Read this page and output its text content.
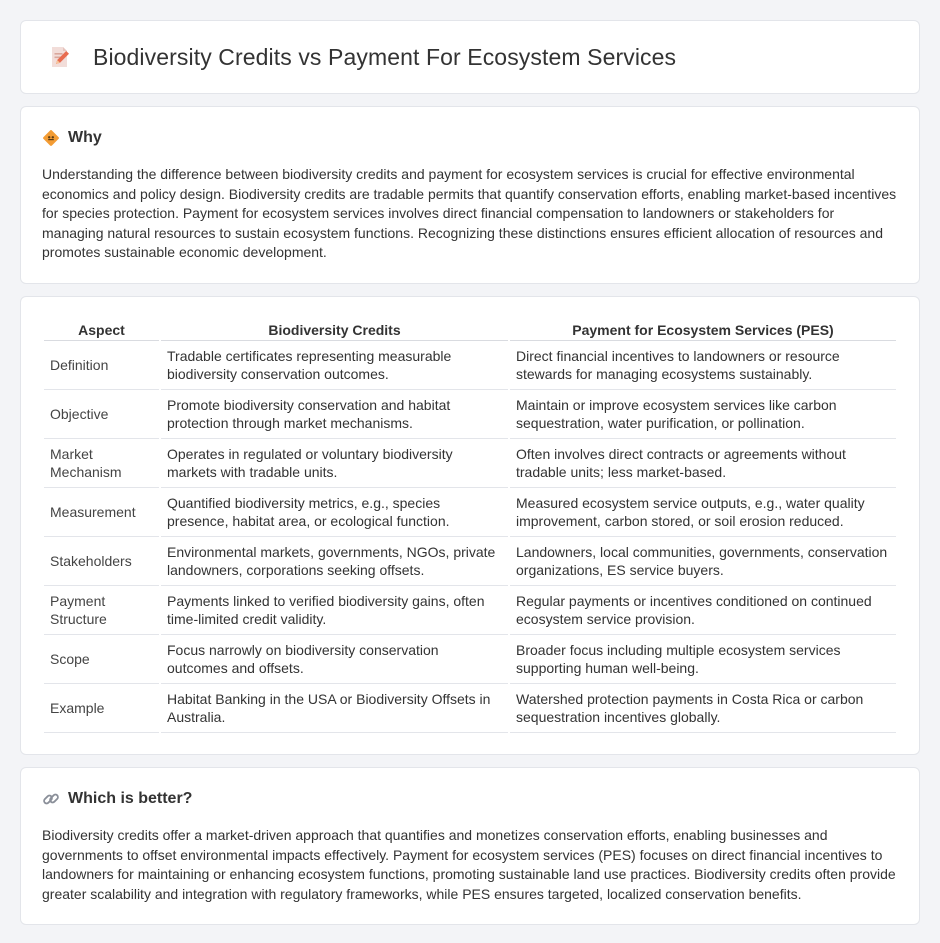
Biodiversity Credits vs Payment For Ecosystem Services
Why

Understanding the difference between biodiversity credits and payment for ecosystem services is crucial for effective environmental economics and policy design. Biodiversity credits are tradable permits that quantify conservation efforts, enabling market-based incentives for species protection. Payment for ecosystem services involves direct financial compensation to landowners or stakeholders for managing natural resources to sustain ecosystem functions. Recognizing these distinctions ensures efficient allocation of resources and promotes sustainable economic development.

Aspect	Biodiversity Credits	Payment for Ecosystem Services (PES)
Definition	Tradable certificates representing measurable biodiversity conservation outcomes.	Direct financial incentives to landowners or resource stewards for managing ecosystems sustainably.
Objective	Promote biodiversity conservation and habitat protection through market mechanisms.	Maintain or improve ecosystem services like carbon sequestration, water purification, or pollination.
Market Mechanism	Operates in regulated or voluntary biodiversity markets with tradable units.	Often involves direct contracts or agreements without tradable units; less market-based.
Measurement	Quantified biodiversity metrics, e.g., species presence, habitat area, or ecological function.	Measured ecosystem service outputs, e.g., water quality improvement, carbon stored, or soil erosion reduced.
Stakeholders	Environmental markets, governments, NGOs, private landowners, corporations seeking offsets.	Landowners, local communities, governments, conservation organizations, ES service buyers.
Payment Structure	Payments linked to verified biodiversity gains, often time-limited credit validity.	Regular payments or incentives conditioned on continued ecosystem service provision.
Scope	Focus narrowly on biodiversity conservation outcomes and offsets.	Broader focus including multiple ecosystem services supporting human well-being.
Example	Habitat Banking in the USA or Biodiversity Offsets in Australia.	Watershed protection payments in Costa Rica or carbon sequestration incentives globally.
Which is better?

Biodiversity credits offer a market-driven approach that quantifies and monetizes conservation efforts, enabling businesses and governments to offset environmental impacts effectively. Payment for ecosystem services (PES) focuses on direct financial incentives to landowners for maintaining or enhancing ecosystem functions, promoting sustainable land use practices. Biodiversity credits often provide greater scalability and integration with regulatory frameworks, while PES ensures targeted, localized conservation benefits.
